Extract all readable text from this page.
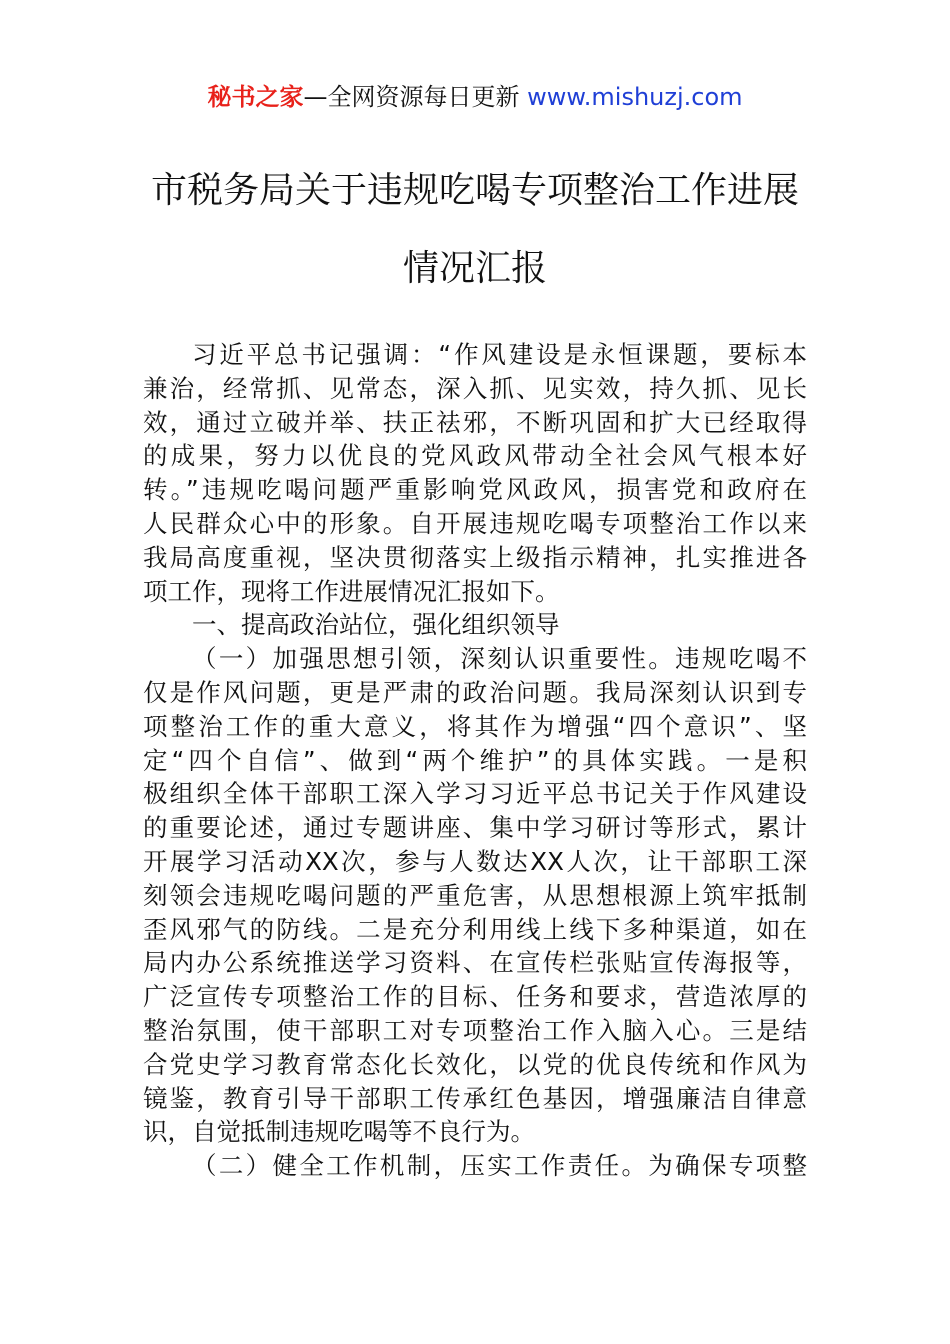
秘书之家—全网资源每日更新 www.mishuzj.com
市税务局关于违规吃喝专项整治工作进展
情况汇报
习近平总书记强调：“作风建设是永恒课题，要标本
兼治，经常抓、见常态，深入抓、见实效，持久抓、见长
效，通过立破并举、扶正祛邪，不断巩固和扩大已经取得
的成果，努力以优良的党风政风带动全社会风气根本好
转。”违规吃喝问题严重影响党风政风，损害党和政府在
人民群众心中的形象。自开展违规吃喝专项整治工作以来
我局高度重视，坚决贯彻落实上级指示精神，扎实推进各
项工作，现将工作进展情况汇报如下。
一、提高政治站位，强化组织领导
（一）加强思想引领，深刻认识重要性。违规吃喝不
仅是作风问题，更是严肃的政治问题。我局深刻认识到专
项整治工作的重大意义，将其作为增强“四个意识”、坚
定“四个自信”、做到“两个维护”的具体实践。一是积
极组织全体干部职工深入学习习近平总书记关于作风建设
的重要论述，通过专题讲座、集中学习研讨等形式，累计
开展学习活动XX次，参与人数达XX人次，让干部职工深
刻领会违规吃喝问题的严重危害，从思想根源上筑牢抵制
歪风邪气的防线。二是充分利用线上线下多种渠道，如在
局内办公系统推送学习资料、在宣传栏张贴宣传海报等，
广泛宣传专项整治工作的目标、任务和要求，营造浓厚的
整治氛围，使干部职工对专项整治工作入脑入心。三是结
合党史学习教育常态化长效化，以党的优良传统和作风为
镜鉴，教育引导干部职工传承红色基因，增强廉洁自律意
识，自觉抵制违规吃喝等不良行为。
（二）健全工作机制，压实工作责任。为确保专项整
